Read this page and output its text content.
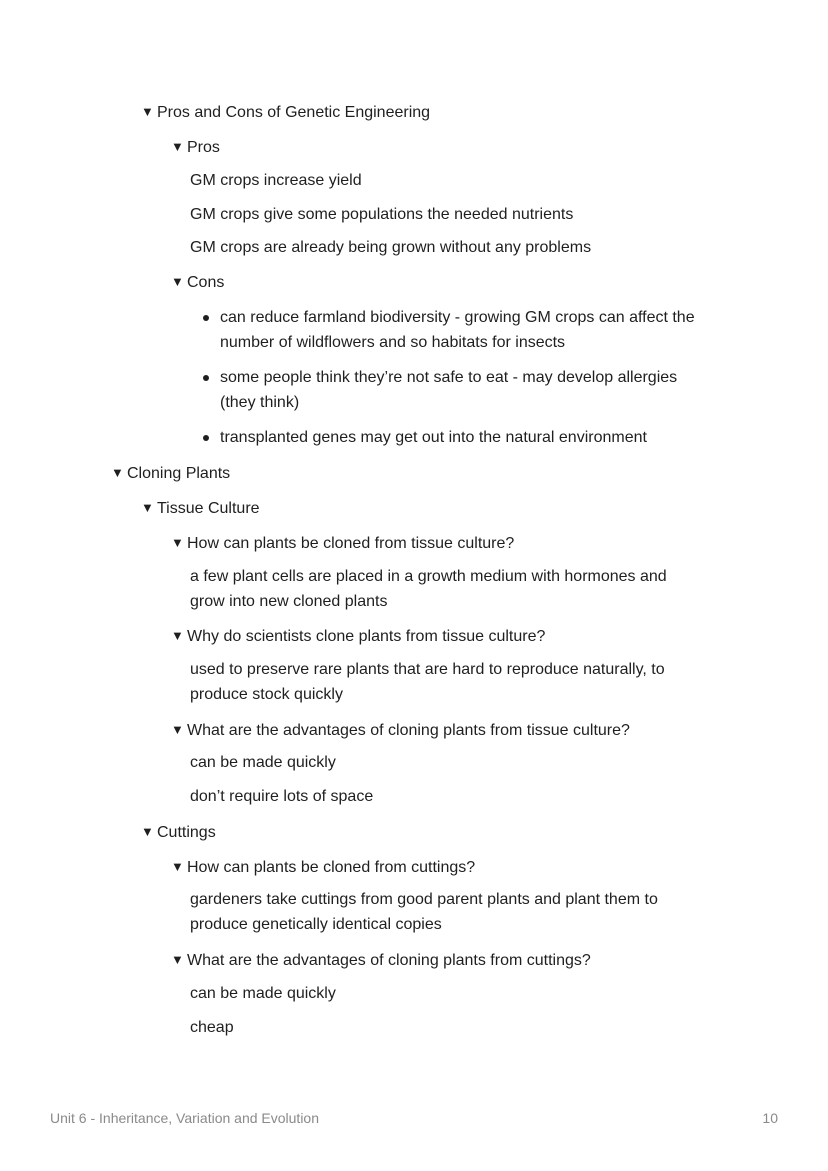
▼ Pros and Cons of Genetic Engineering
▼ Pros
GM crops increase yield
GM crops give some populations the needed nutrients
GM crops are already being grown without any problems
▼ Cons
can reduce farmland biodiversity - growing GM crops can affect the
number of wildflowers and so habitats for insects
some people think they’re not safe to eat - may develop allergies
(they think)
transplanted genes may get out into the natural environment
▼ Cloning Plants
▼ Tissue Culture
▼ How can plants be cloned from tissue culture?
a few plant cells are placed in a growth medium with hormones and
grow into new cloned plants
▼ Why do scientists clone plants from tissue culture?
used to preserve rare plants that are hard to reproduce naturally, to
produce stock quickly
▼ What are the advantages of cloning plants from tissue culture?
can be made quickly
don’t require lots of space
▼ Cuttings
▼ How can plants be cloned from cuttings?
gardeners take cuttings from good parent plants and plant them to
produce genetically identical copies
▼ What are the advantages of cloning plants from cuttings?
can be made quickly
cheap
Unit 6 - Inheritance, Variation and Evolution	10
